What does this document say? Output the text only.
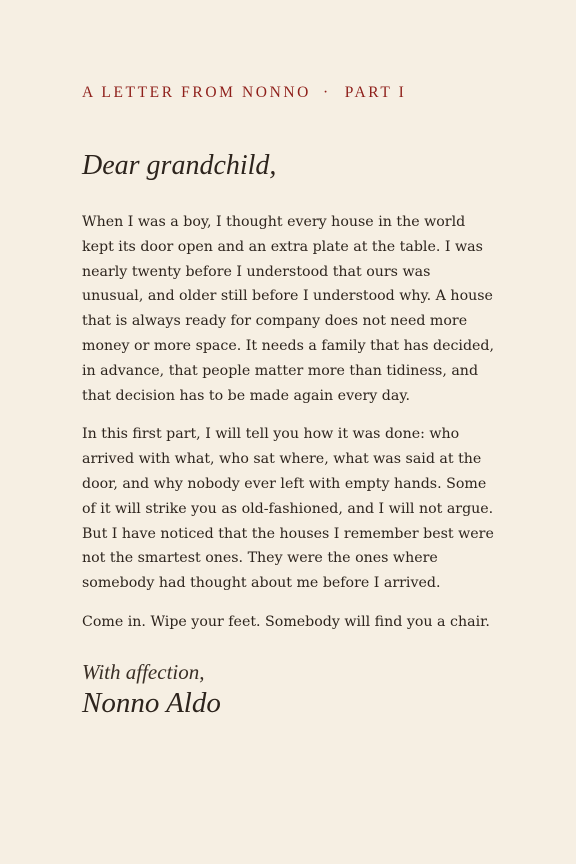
A LETTER FROM NONNO · PART I
Dear grandchild,

When I was a boy, I thought every house in the world kept its door open and an extra plate at the table. I was nearly twenty before I understood that ours was unusual, and older still before I understood why. A house that is always ready for company does not need more money or more space. It needs a family that has decided, in advance, that people matter more than tidiness, and that decision has to be made again every day.

In this first part, I will tell you how it was done: who arrived with what, who sat where, what was said at the door, and why nobody ever left with empty hands. Some of it will strike you as old-fashioned, and I will not argue. But I have noticed that the houses I remember best were not the smartest ones. They were the ones where somebody had thought about me before I arrived.

Come in. Wipe your feet. Somebody will find you a chair.

With affection,

Nonno Aldo
